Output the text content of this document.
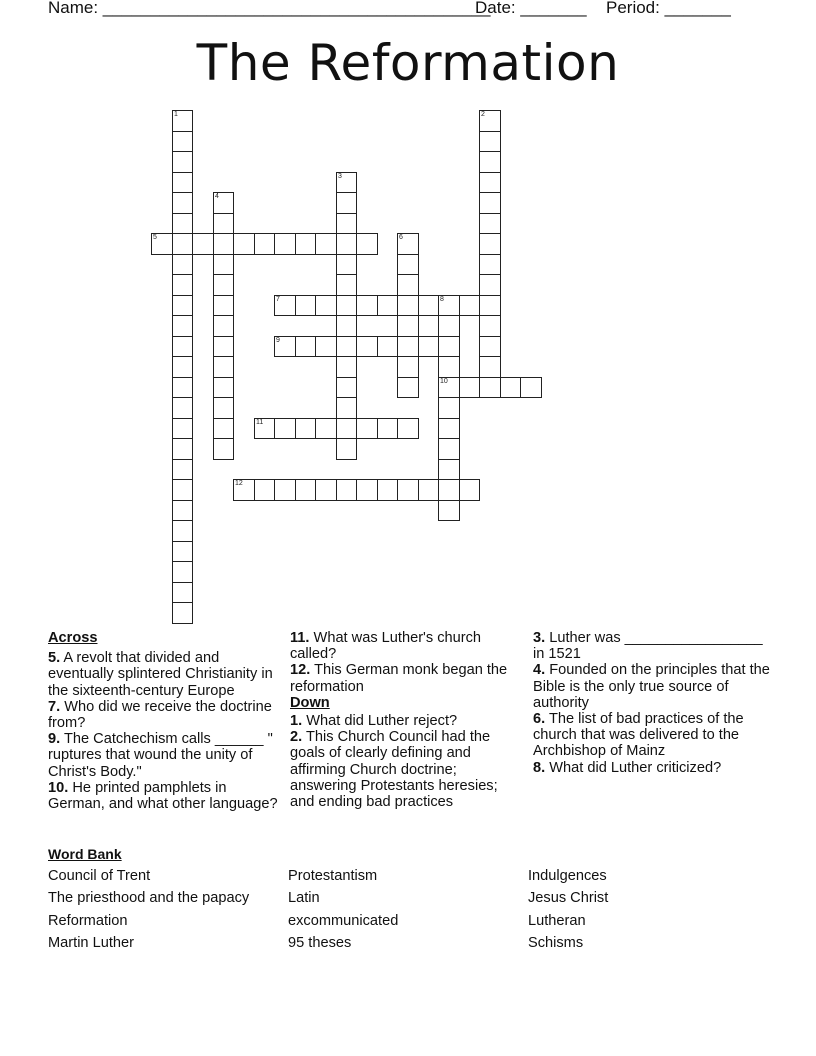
Name: _________________________________________
Date: _______ Period: _______
The Reformation
1	2
3
4
5	6
7	8
10
9
11
12

Across

5. A revolt that divided and eventually splintered Christianity in the sixteenth-century Europe

7. Who did we receive the doctrine from?

9. The Catchechism calls ______ " ruptures that wound the unity of Christ's Body."

10. He printed pamphlets in German, and what other language?

11. What was Luther's church called?

12. This German monk began the reformation

Down

1. What did Luther reject?

2. This Church Council had the goals of clearly defining and affirming Church doctrine; answering Protestants heresies; and ending bad practices

3. Luther was _________________ in 1521

4. Founded on the principles that the Bible is the only true source of authority

6. The list of bad practices of the church that was delivered to the Archbishop of Mainz

8. What did Luther criticized?

Word Bank
Council of Trent
The priesthood and the papacy
Reformation
Martin Luther
Protestantism
Latin
excommunicated
95 theses
Indulgences
Jesus Christ
Lutheran
Schisms
